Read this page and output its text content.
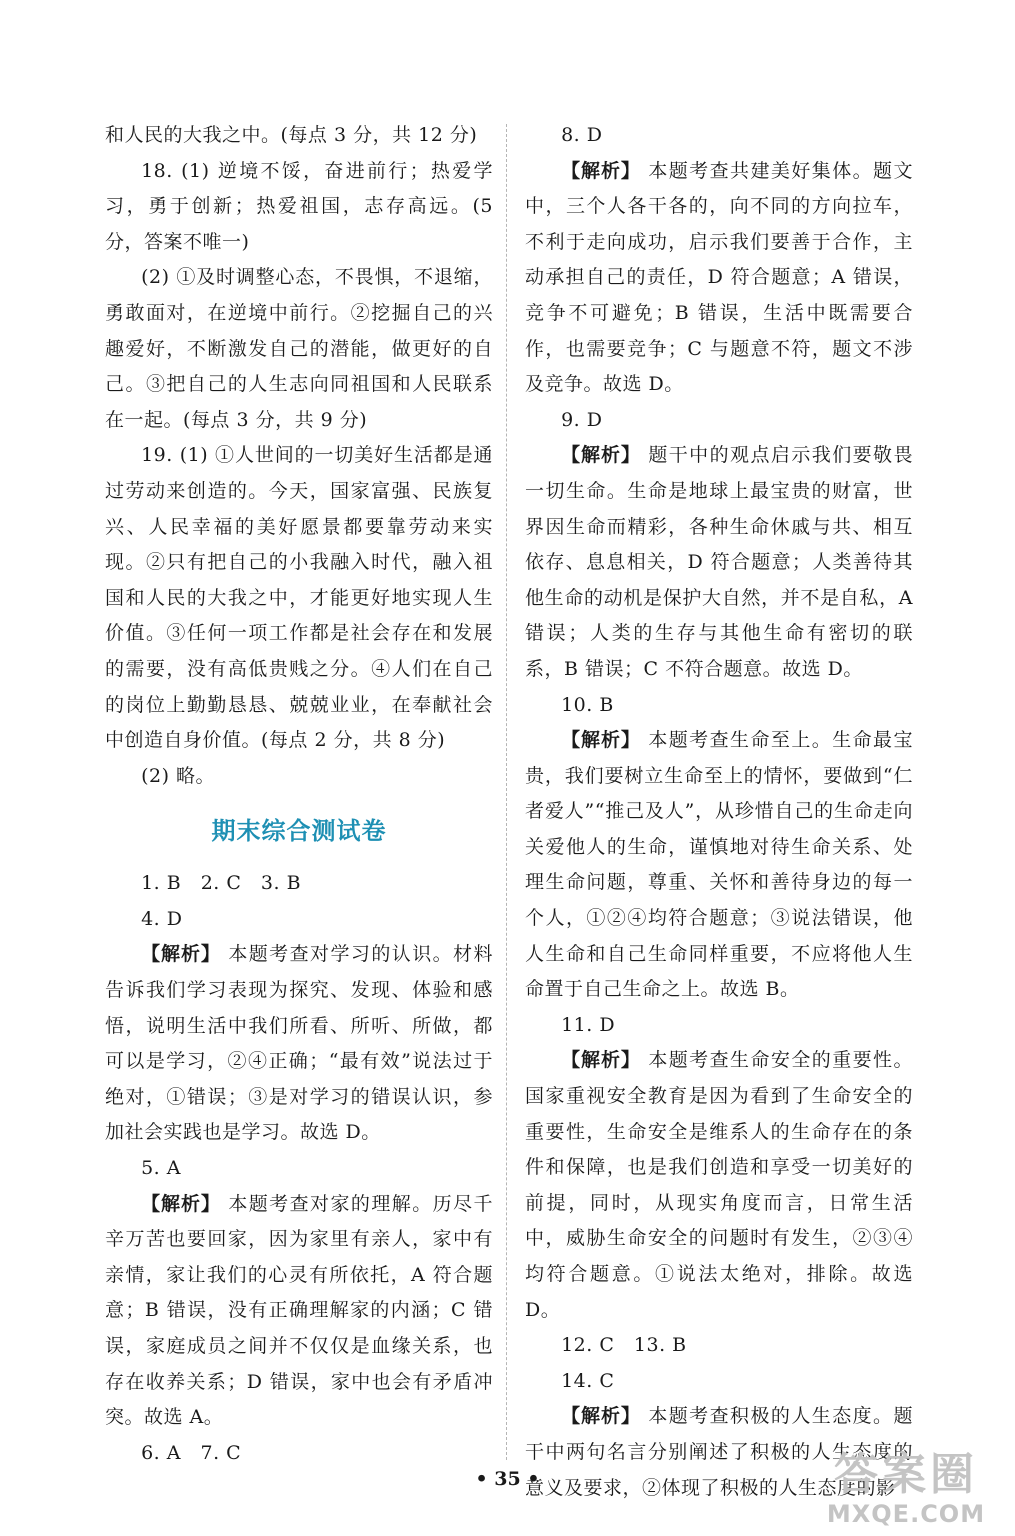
和人民的大我之中。(每点 3 分，共 12 分)

18. (1) 逆境不馁，奋进前行；热爱学习，勇于创新；热爱祖国，志存高远。(5 分，答案不唯一)

(2) ①及时调整心态，不畏惧，不退缩，勇敢面对，在逆境中前行。②挖掘自己的兴趣爱好，不断激发自己的潜能，做更好的自己。③把自己的人生志向同祖国和人民联系在一起。(每点 3 分，共 9 分)

19. (1) ①人世间的一切美好生活都是通过劳动来创造的。今天，国家富强、民族复兴、人民幸福的美好愿景都要靠劳动来实现。②只有把自己的小我融入时代，融入祖国和人民的大我之中，才能更好地实现人生价值。③任何一项工作都是社会存在和发展的需要，没有高低贵贱之分。④人们在自己的岗位上勤勤恳恳、兢兢业业，在奉献社会中创造自身价值。(每点 2 分，共 8 分)

(2) 略。

期末综合测试卷

1. B　2. C　3. B

4. D

【解析】 本题考查对学习的认识。材料告诉我们学习表现为探究、发现、体验和感悟，说明生活中我们所看、所听、所做，都可以是学习，②④正确；“最有效”说法过于绝对，①错误；③是对学习的错误认识，参加社会实践也是学习。故选 D。

5. A

【解析】 本题考查对家的理解。历尽千辛万苦也要回家，因为家里有亲人，家中有亲情，家让我们的心灵有所依托，A 符合题意；B 错误，没有正确理解家的内涵；C 错误，家庭成员之间并不仅仅是血缘关系，也存在收养关系；D 错误，家中也会有矛盾冲突。故选 A。

6. A　7. C

8. D

【解析】 本题考查共建美好集体。题文中，三个人各干各的，向不同的方向拉车，不利于走向成功，启示我们要善于合作，主动承担自己的责任，D 符合题意；A 错误，竞争不可避免；B 错误，生活中既需要合作，也需要竞争；C 与题意不符，题文不涉及竞争。故选 D。

9. D

【解析】 题干中的观点启示我们要敬畏一切生命。生命是地球上最宝贵的财富，世界因生命而精彩，各种生命休戚与共、相互依存、息息相关，D 符合题意；人类善待其他生命的动机是保护大自然，并不是自私，A 错误；人类的生存与其他生命有密切的联系，B 错误；C 不符合题意。故选 D。

10. B

【解析】 本题考查生命至上。生命最宝贵，我们要树立生命至上的情怀，要做到“仁者爱人”“推己及人”，从珍惜自己的生命走向关爱他人的生命，谨慎地对待生命关系、处理生命问题，尊重、关怀和善待身边的每一个人，①②④均符合题意；③说法错误，他人生命和自己生命同样重要，不应将他人生命置于自己生命之上。故选 B。

11. D

【解析】 本题考查生命安全的重要性。国家重视安全教育是因为看到了生命安全的重要性，生命安全是维系人的生命存在的条件和保障，也是我们创造和享受一切美好的前提，同时，从现实角度而言，日常生活中，威胁生命安全的问题时有发生，②③④均符合题意。①说法太绝对，排除。故选 D。

12. C　13. B

14. C

【解析】 本题考查积极的人生态度。题干中两句名言分别阐述了积极的人生态度的意义及要求，②体现了积极的人生态度的影

• 35 •	答案圈
MXQE.COM
